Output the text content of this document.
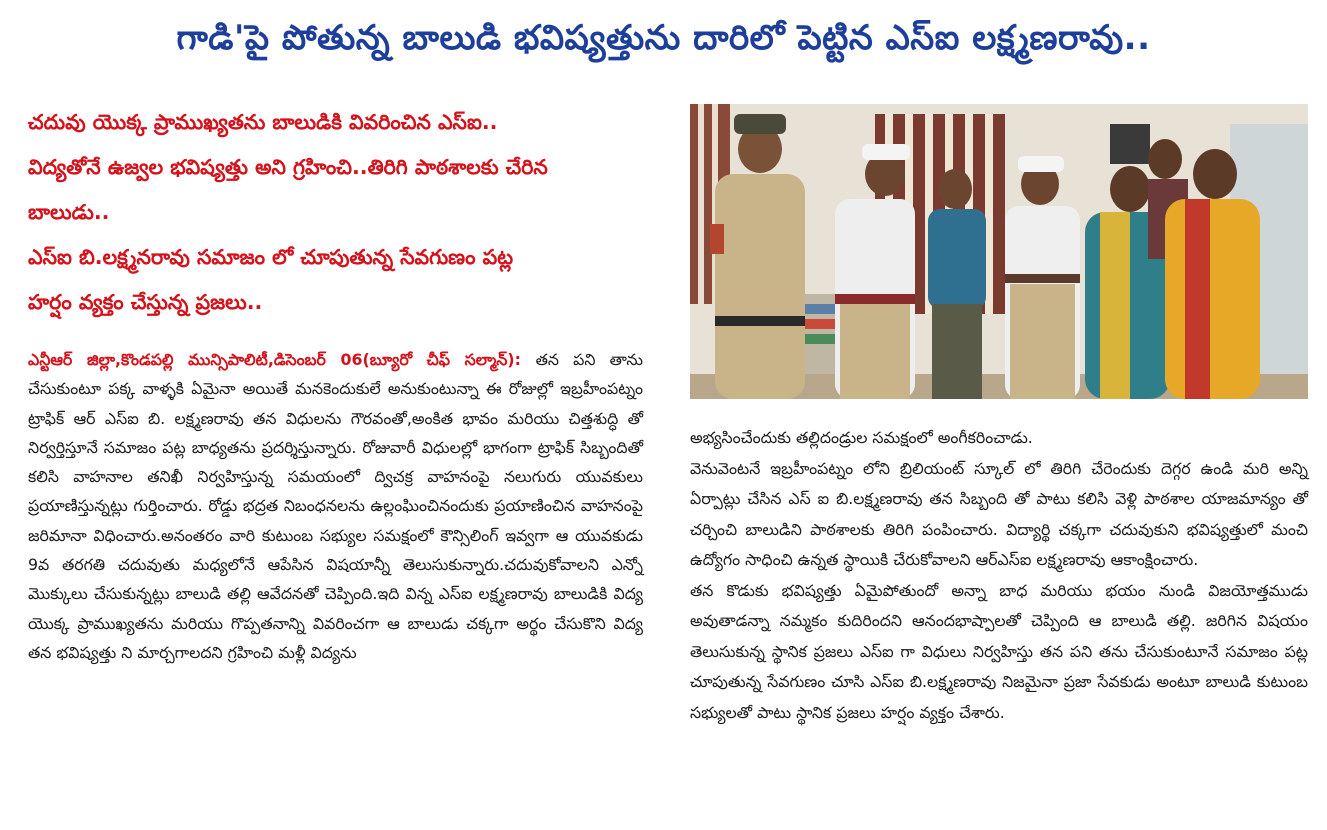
గాడి'పై పోతున్న బాలుడి భవిష్యత్తును దారిలో పెట్టిన ఎస్ఐ లక్ష్మణరావు..

చదువు యొక్క ప్రాముఖ్యతను బాలుడికి వివరించిన ఎస్ఐ..

విద్యతోనే ఉజ్వల భవిష్యత్తు అని గ్రహించి..తిరిగి పాఠశాలకు చేరిన

బాలుడు..

ఎస్ఐ బి.లక్ష్మనరావు సమాజం లో చూపుతున్న సేవగుణం పట్ల

హర్షం వ్యక్తం చేస్తున్న ప్రజలు..

ఎన్టీఆర్ జిల్లా,కొండపల్లి మున్సిపాలిటీ,డిసెంబర్ 06(బ్యూరో చీఫ్ సల్మాన్): తన పని తాను చేసుకుంటూ పక్క వాళ్ళకి ఏమైనా అయితే మనకెందుకులే అనుకుంటున్నా ఈ రోజుల్లో ఇబ్రహీంపట్నం ట్రాఫిక్ ఆర్ ఎస్ఐ బి. లక్ష్మణరావు తన విధులను గౌరవంతో,అంకిత భావం మరియు చిత్తశుద్ధి తో నిర్వర్తిస్తూనే సమాజం పట్ల బాధ్యతను ప్రదర్శిస్తున్నారు. రోజువారీ విధులల్లో భాగంగా ట్రాఫిక్ సిబ్బందితో కలిసి వాహనాల తనిఖీ నిర్వహిస్తున్న సమయంలో ద్విచక్ర వాహనంపై నలుగురు యువకులు ప్రయాణిస్తున్నట్లు గుర్తించారు. రోడ్డు భద్రత నిబంధనలను ఉల్లంఘించినందుకు ప్రయాణించిన వాహనంపై జరిమానా విధించారు.అనంతరం వారి కుటుంబ సభ్యుల సమక్షంలో కౌన్సిలింగ్ ఇవ్వగా ఆ యువకుడు 9వ తరగతి చదువుతు మధ్యలోనే ఆపేసిన విషయాన్నీ తెలుసుకున్నారు.చదువుకోవాలని ఎన్నో మొక్కులు చేసుకున్నట్లు బాలుడి తల్లి ఆవేదనతో చెప్పింది.ఇది విన్న ఎస్ఐ లక్ష్మణరావు బాలుడికి విద్య యొక్క ప్రాముఖ్యతను మరియు గొప్పతనాన్ని వివరించగా ఆ బాలుడు చక్కగా అర్థం చేసుకొని విద్య తన భవిష్యత్తు ని మార్చగాలదని గ్రహించి మళ్లీ విద్యను

అభ్యసించేందుకు తల్లిదండ్రుల సమక్షంలో అంగీకరించాడు.

వెనువెంటనే ఇబ్రహీంపట్నం లోని బ్రిలియంట్ స్కూల్ లో తిరిగి చేరెందుకు దెగ్గర ఉండి మరి అన్ని ఏర్పాట్లు చేసిన ఎస్ ఐ బి.లక్ష్మణరావు తన సిబ్బంది తో పాటు కలిసి వెళ్లి పాఠశాల యాజమాన్యం తో చర్చించి బాలుడిని పాఠశాలకు తిరిగి పంపించారు. విద్యార్థి చక్కగా చదువుకుని భవిష్యత్తులో మంచి ఉద్యోగం సాధించి ఉన్నత స్థాయికి చేరుకోవాలని ఆర్ఎస్ఐ లక్ష్మణరావు ఆకాంక్షించారు.

తన కొడుకు భవిష్యత్తు ఏమైపోతుందో అన్నా బాధ మరియు భయం నుండి విజయోత్తముడు అవుతాడన్నా నమ్మకం కుదిరిందని ఆనందభాష్పాలతో చెప్పింది ఆ బాలుడి తల్లి. జరిగిన విషయం తెలుసుకున్న స్థానిక ప్రజలు ఎస్ఐ గా విధులు నిర్వహిస్తు తన పని తను చేసుకుంటూనే సమాజం పట్ల చూపుతున్న సేవగుణం చూసి ఎస్ఐ బి.లక్ష్మణరావు నిజమైనా ప్రజా సేవకుడు అంటూ బాలుడి కుటుంబ సభ్యులతో పాటు స్థానిక ప్రజలు హర్షం వ్యక్తం చేశారు.
